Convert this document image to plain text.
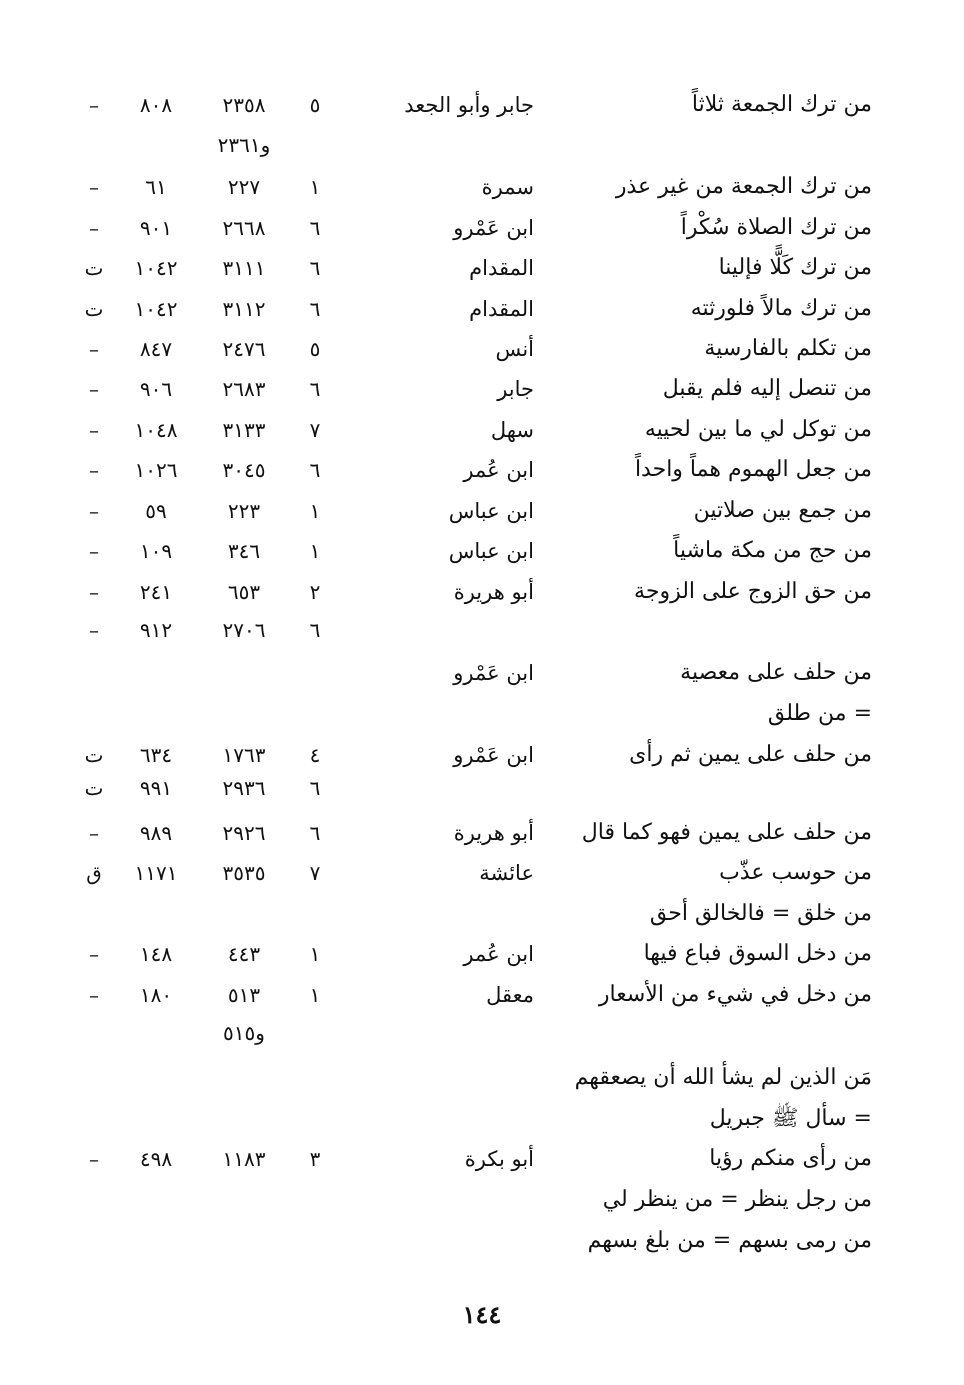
من ترك الجمعة ثلاثاً
جابر وأبو الجعد
٥
٢٣٥٨
٨٠٨
–
و٢٣٦١
من ترك الجمعة من غير عذر
سمرة
١
٢٢٧
٦١
–
من ترك الصلاة سُكْراً
ابن عَمْرو
٦
٢٦٦٨
٩٠١
–
من ترك كَلًّا فإلينا
المقدام
٦
٣١١١
١٠٤٢
ت
من ترك مالاً فلورثته
المقدام
٦
٣١١٢
١٠٤٢
ت
من تكلم بالفارسية
أنس
٥
٢٤٧٦
٨٤٧
–
من تنصل إليه فلم يقبل
جابر
٦
٢٦٨٣
٩٠٦
–
من توكل لي ما بين لحييه
سهل
٧
٣١٣٣
١٠٤٨
–
من جعل الهموم هماً واحداً
ابن عُمر
٦
٣٠٤٥
١٠٢٦
–
من جمع بين صلاتين
ابن عباس
١
٢٢٣
٥٩
–
من حج من مكة ماشياً
ابن عباس
١
٣٤٦
١٠٩
–
من حق الزوج على الزوجة
أبو هريرة
٢
٦٥٣
٢٤١
–
٦
٢٧٠٦
٩١٢
–
من حلف على معصية
ابن عَمْرو
= من طلق
من حلف على يمين ثم رأى
ابن عَمْرو
٤
١٧٦٣
٦٣٤
ت
٦
٢٩٣٦
٩٩١
ت
من حلف على يمين فهو كما قال
أبو هريرة
٦
٢٩٢٦
٩٨٩
–
من حوسب عذّب
عائشة
٧
٣٥٣٥
١١٧١
ق
من خلق = فالخالق أحق
من دخل السوق فباع فيها
ابن عُمر
١
٤٤٣
١٤٨
–
من دخل في شيء من الأسعار
معقل
١
٥١٣
١٨٠
–
و٥١٥
مَن الذين لم يشأ الله أن يصعقهم
= سأل ﷺ جبريل
من رأى منكم رؤيا
أبو بكرة
٣
١١٨٣
٤٩٨
–
من رجل ينظر = من ينظر لي
من رمى بسهم = من بلغ بسهم
١٤٤
